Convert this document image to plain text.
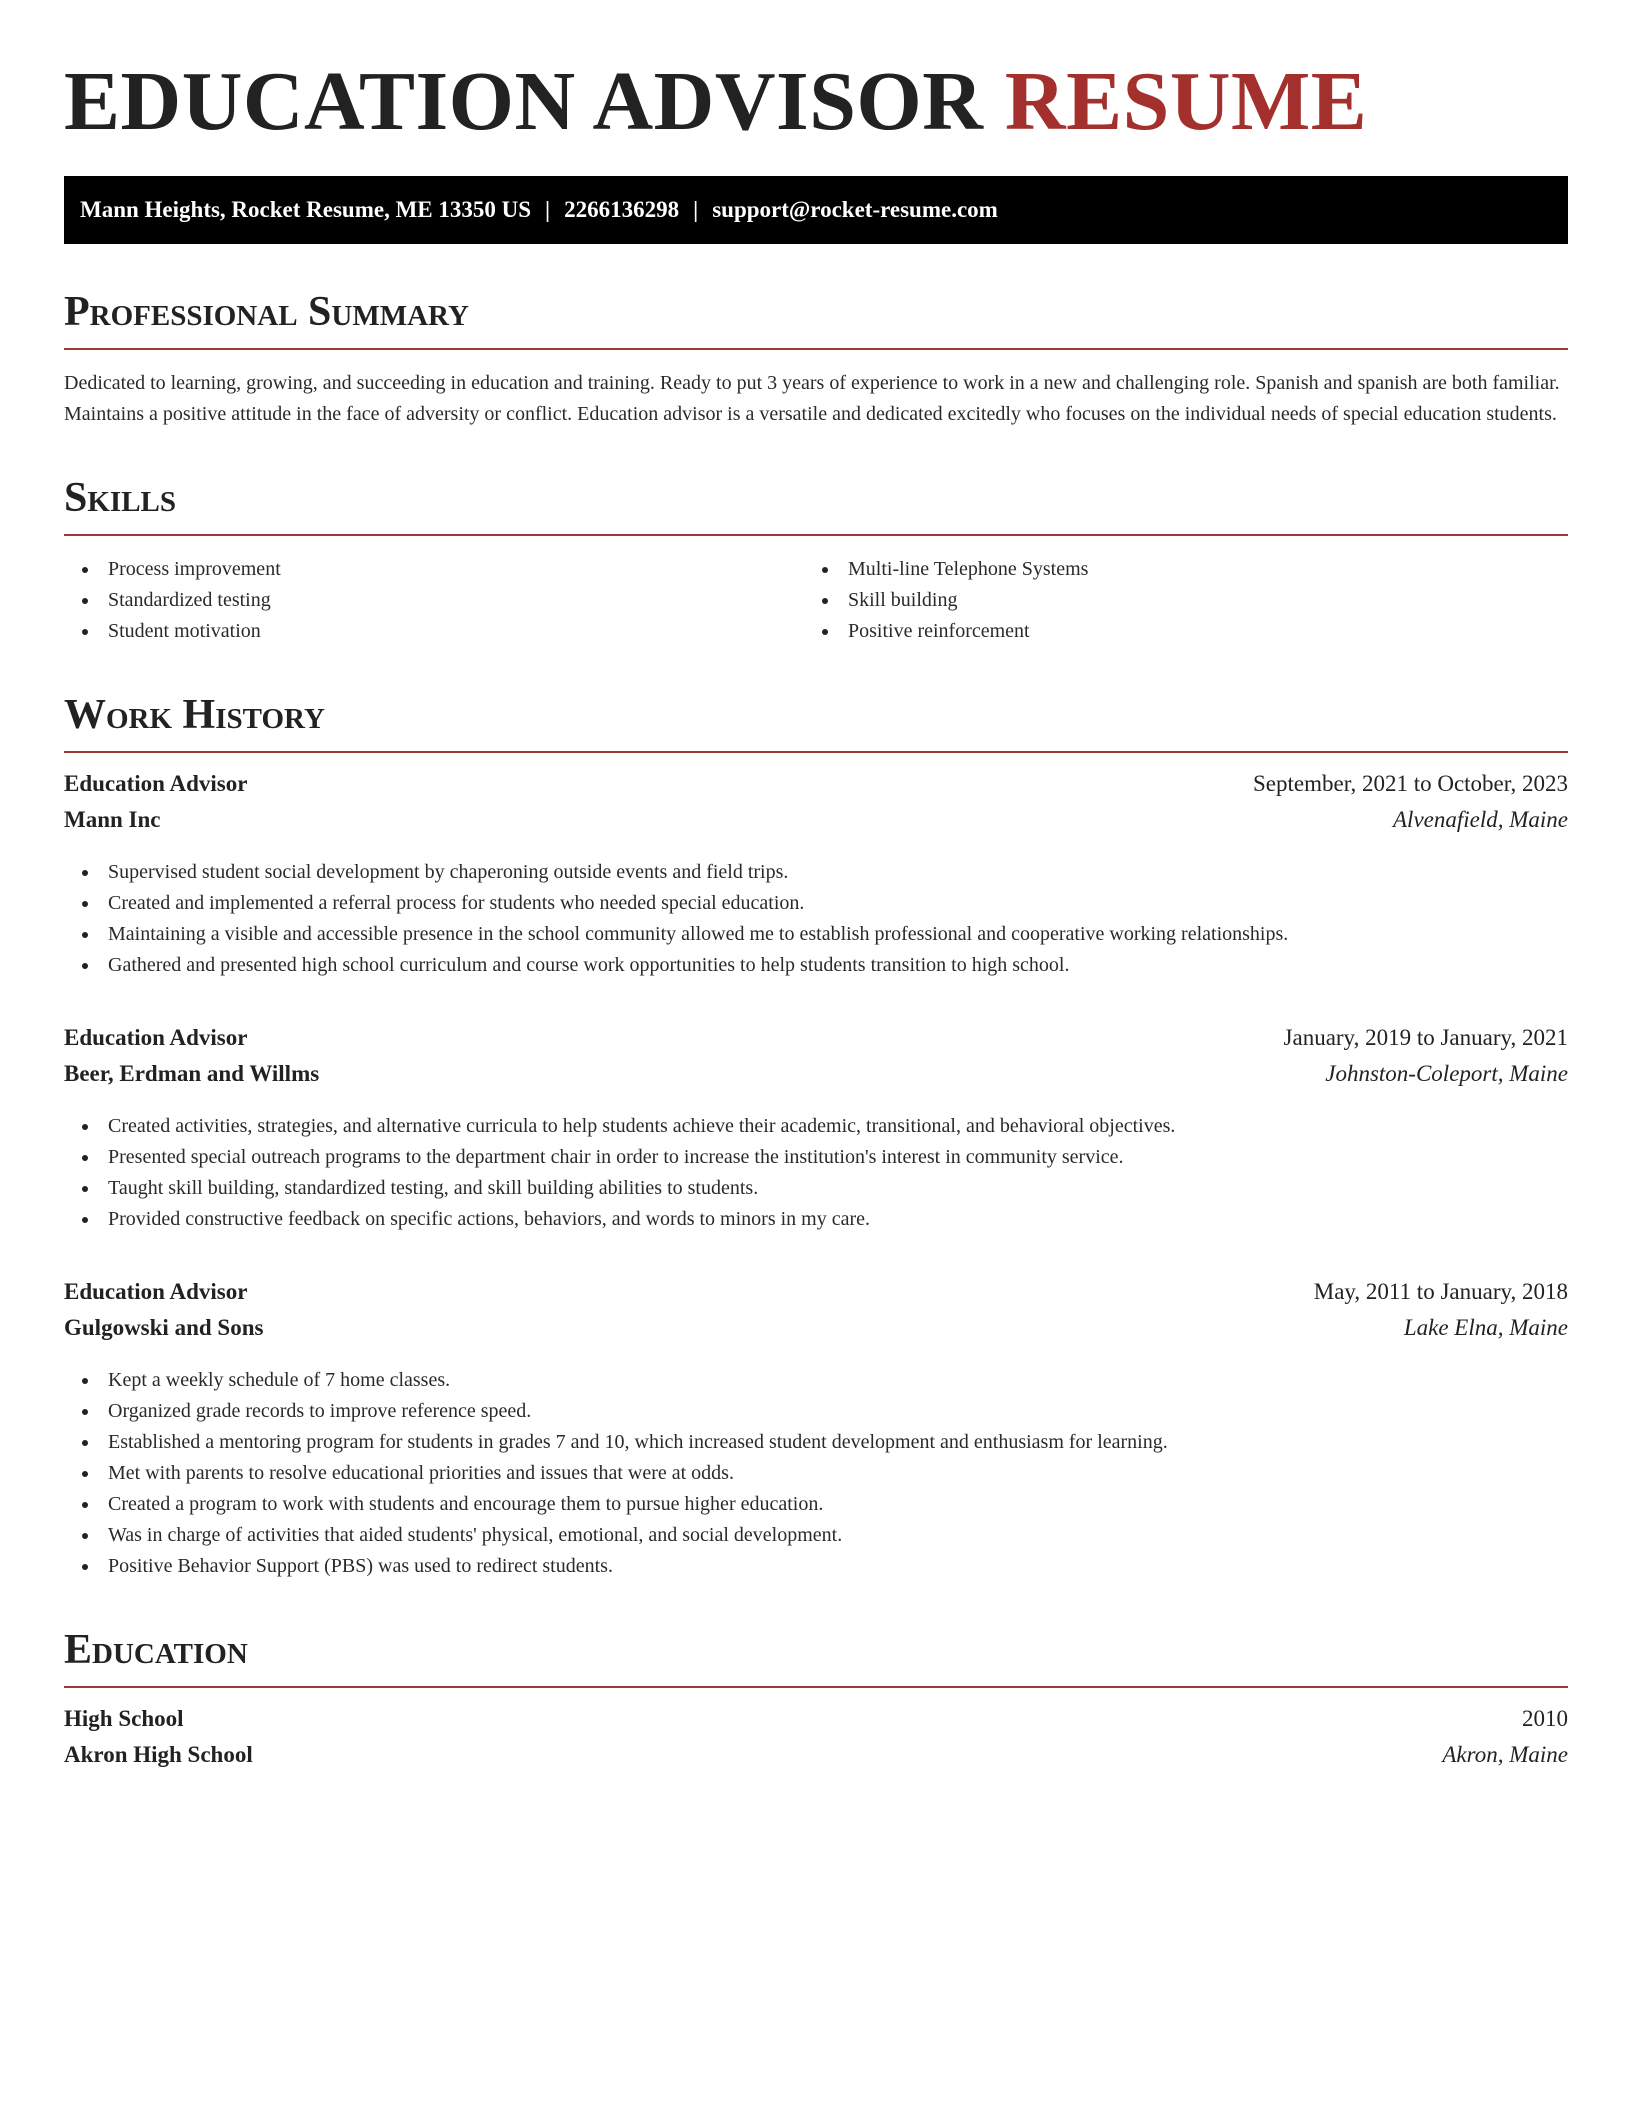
EDUCATION ADVISOR RESUME
Mann Heights, Rocket Resume, ME 13350 US | 2266136298 | support@rocket-resume.com
Professional Summary

Dedicated to learning, growing, and succeeding in education and training. Ready to put 3 years of experience to work in a new and challenging role. Spanish and spanish are both familiar. Maintains a positive attitude in the face of adversity or conflict. Education advisor is a versatile and dedicated excitedly who focuses on the individual needs of special education students.

Skills
Process improvement
Standardized testing
Student motivation
Multi-line Telephone Systems
Skill building
Positive reinforcement
Work History
Education Advisor	September, 2021 to October, 2023
Mann Inc	Alvenafield, Maine
Supervised student social development by chaperoning outside events and field trips.
Created and implemented a referral process for students who needed special education.
Maintaining a visible and accessible presence in the school community allowed me to establish professional and cooperative working relationships.
Gathered and presented high school curriculum and course work opportunities to help students transition to high school.
Education Advisor	January, 2019 to January, 2021
Beer, Erdman and Willms	Johnston-Coleport, Maine
Created activities, strategies, and alternative curricula to help students achieve their academic, transitional, and behavioral objectives.
Presented special outreach programs to the department chair in order to increase the institution's interest in community service.
Taught skill building, standardized testing, and skill building abilities to students.
Provided constructive feedback on specific actions, behaviors, and words to minors in my care.
Education Advisor	May, 2011 to January, 2018
Gulgowski and Sons	Lake Elna, Maine
Kept a weekly schedule of 7 home classes.
Organized grade records to improve reference speed.
Established a mentoring program for students in grades 7 and 10, which increased student development and enthusiasm for learning.
Met with parents to resolve educational priorities and issues that were at odds.
Created a program to work with students and encourage them to pursue higher education.
Was in charge of activities that aided students' physical, emotional, and social development.
Positive Behavior Support (PBS) was used to redirect students.
Education
High School	2010
Akron High School	Akron, Maine
